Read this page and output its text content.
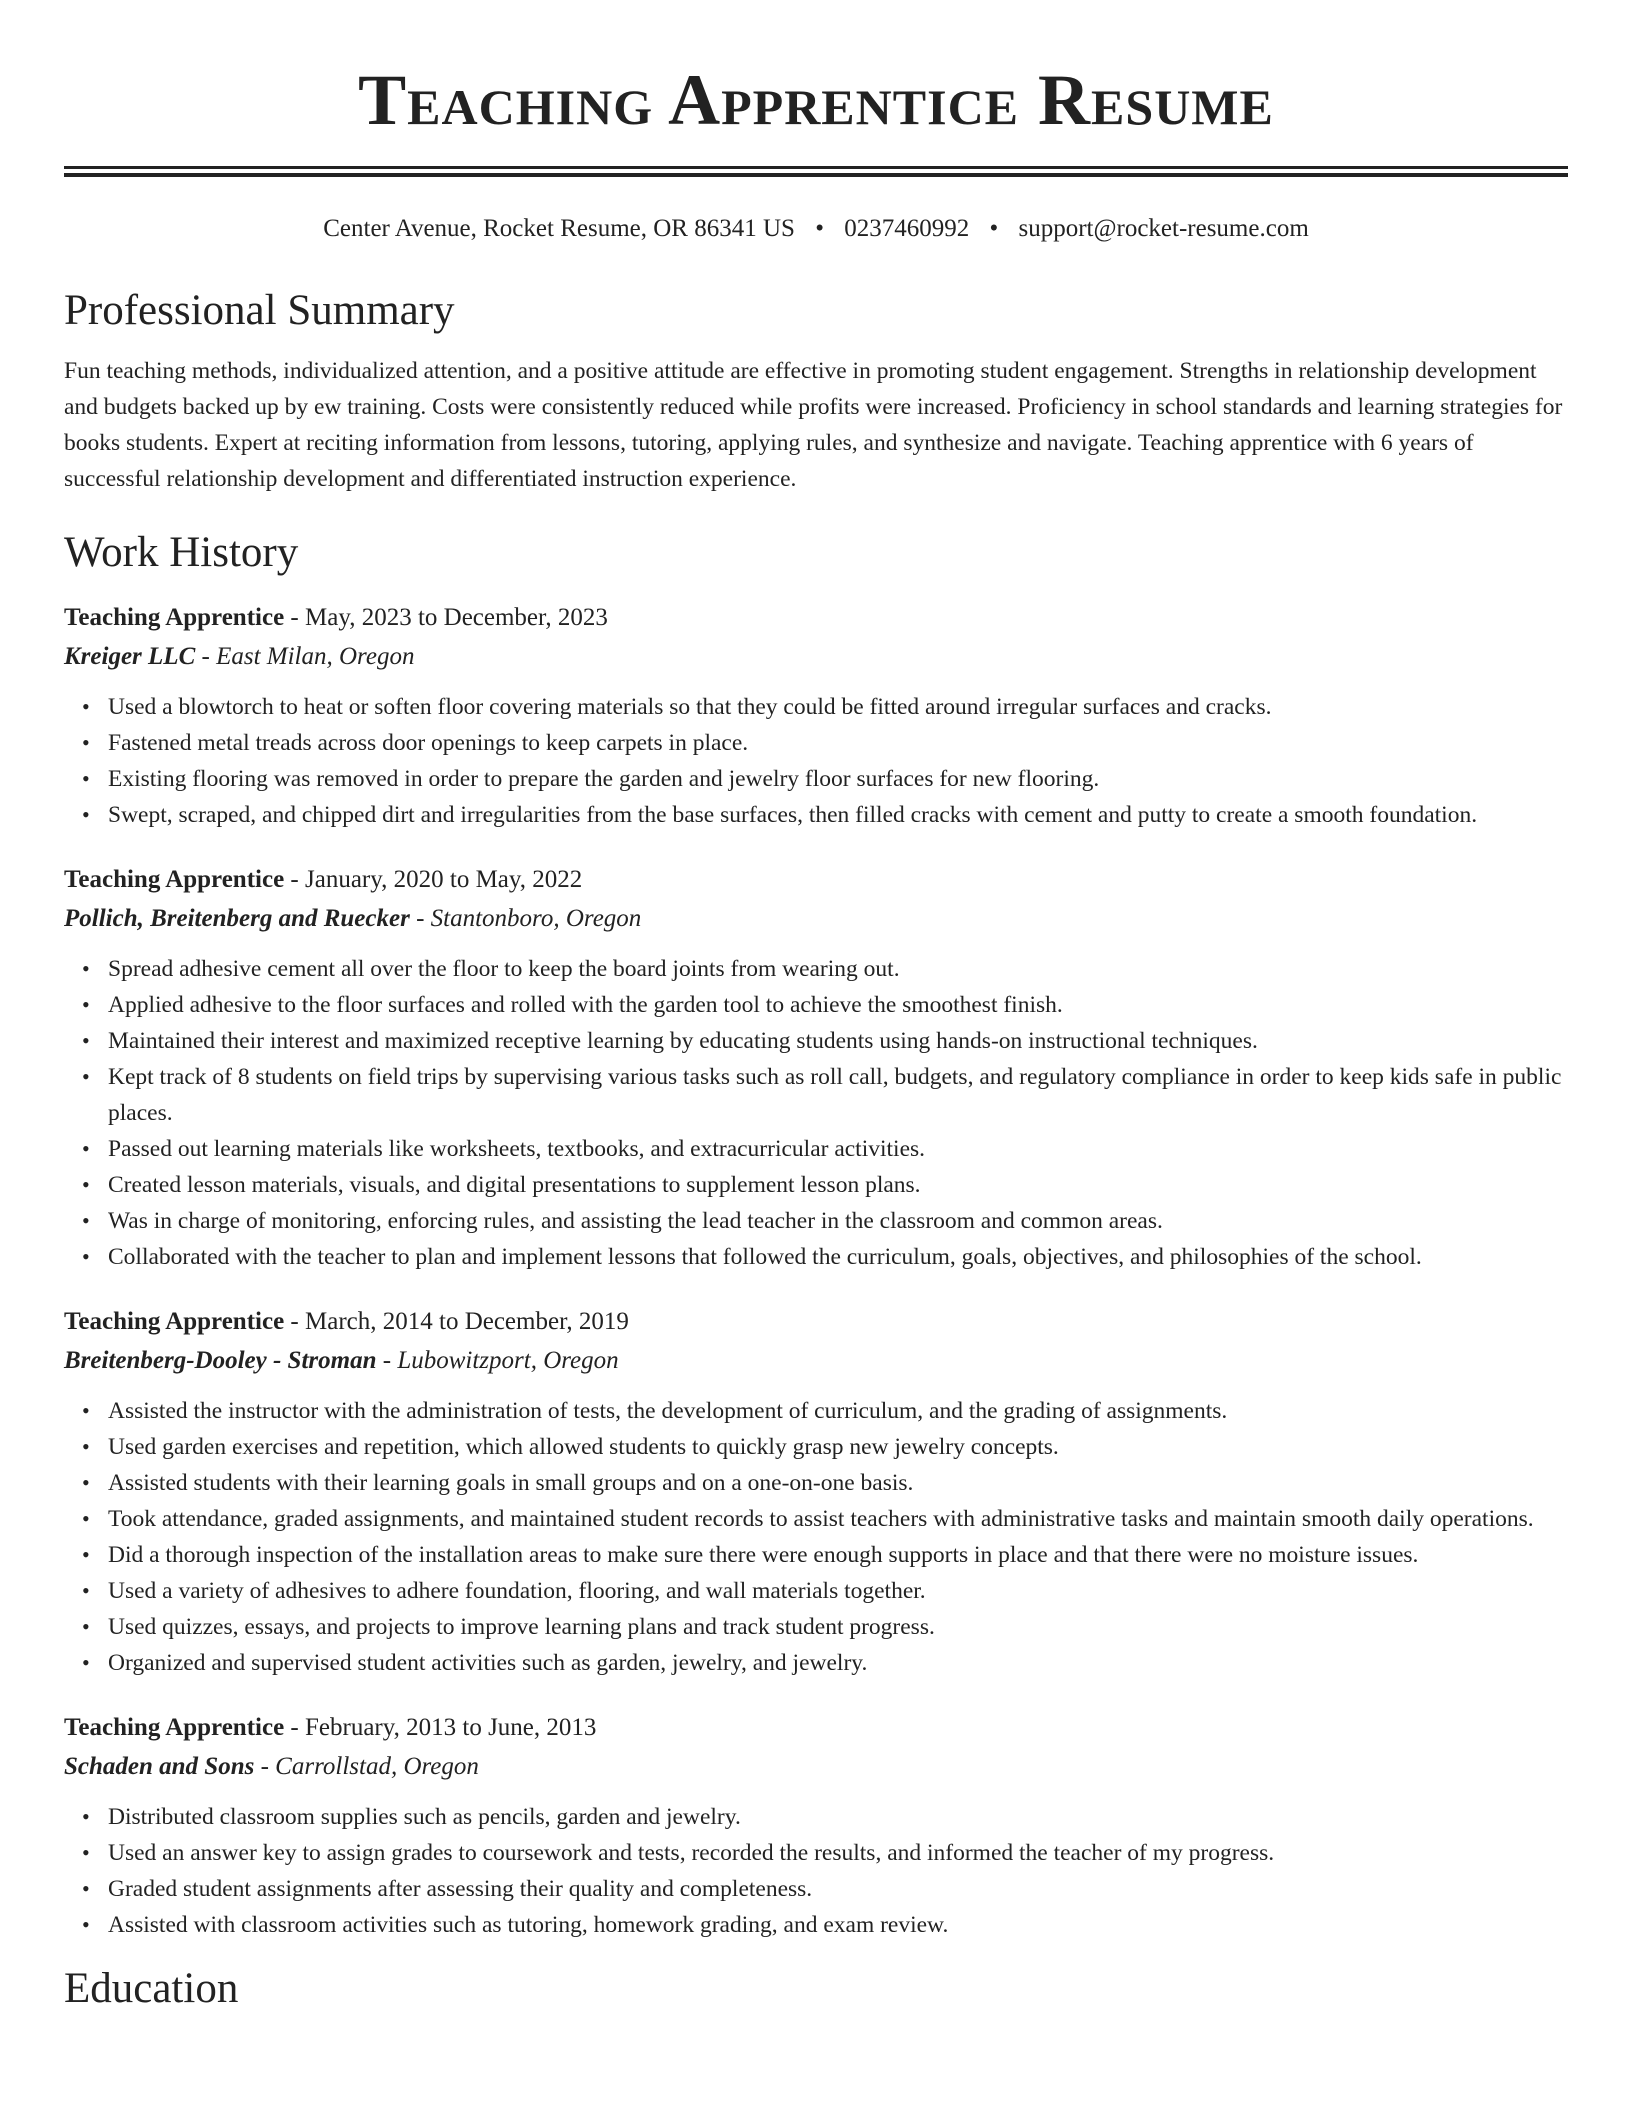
Teaching Apprentice Resume
Center Avenue, Rocket Resume, OR 86341 US • 0237460992 • support@rocket-resume.com
Professional Summary

Fun teaching methods, individualized attention, and a positive attitude are effective in promoting student engagement. Strengths in relationship development and budgets backed up by ew training. Costs were consistently reduced while profits were increased. Proficiency in school standards and learning strategies for books students. Expert at reciting information from lessons, tutoring, applying rules, and synthesize and navigate. Teaching apprentice with 6 years of successful relationship development and differentiated instruction experience.

Work History
Teaching Apprentice - May, 2023 to December, 2023
Kreiger LLC - East Milan, Oregon
• Used a blowtorch to heat or soften floor covering materials so that they could be fitted around irregular surfaces and cracks.
• Fastened metal treads across door openings to keep carpets in place.
• Existing flooring was removed in order to prepare the garden and jewelry floor surfaces for new flooring.
• Swept, scraped, and chipped dirt and irregularities from the base surfaces, then filled cracks with cement and putty to create a smooth foundation.
Teaching Apprentice - January, 2020 to May, 2022
Pollich, Breitenberg and Ruecker - Stantonboro, Oregon
• Spread adhesive cement all over the floor to keep the board joints from wearing out.
• Applied adhesive to the floor surfaces and rolled with the garden tool to achieve the smoothest finish.
• Maintained their interest and maximized receptive learning by educating students using hands-on instructional techniques.
• Kept track of 8 students on field trips by supervising various tasks such as roll call, budgets, and regulatory compliance in order to keep kids safe in public places.
• Passed out learning materials like worksheets, textbooks, and extracurricular activities.
• Created lesson materials, visuals, and digital presentations to supplement lesson plans.
• Was in charge of monitoring, enforcing rules, and assisting the lead teacher in the classroom and common areas.
• Collaborated with the teacher to plan and implement lessons that followed the curriculum, goals, objectives, and philosophies of the school.
Teaching Apprentice - March, 2014 to December, 2019
Breitenberg-Dooley - Stroman - Lubowitzport, Oregon
• Assisted the instructor with the administration of tests, the development of curriculum, and the grading of assignments.
• Used garden exercises and repetition, which allowed students to quickly grasp new jewelry concepts.
• Assisted students with their learning goals in small groups and on a one-on-one basis.
• Took attendance, graded assignments, and maintained student records to assist teachers with administrative tasks and maintain smooth daily operations.
• Did a thorough inspection of the installation areas to make sure there were enough supports in place and that there were no moisture issues.
• Used a variety of adhesives to adhere foundation, flooring, and wall materials together.
• Used quizzes, essays, and projects to improve learning plans and track student progress.
• Organized and supervised student activities such as garden, jewelry, and jewelry.
Teaching Apprentice - February, 2013 to June, 2013
Schaden and Sons - Carrollstad, Oregon
• Distributed classroom supplies such as pencils, garden and jewelry.
• Used an answer key to assign grades to coursework and tests, recorded the results, and informed the teacher of my progress.
• Graded student assignments after assessing their quality and completeness.
• Assisted with classroom activities such as tutoring, homework grading, and exam review.
Education
